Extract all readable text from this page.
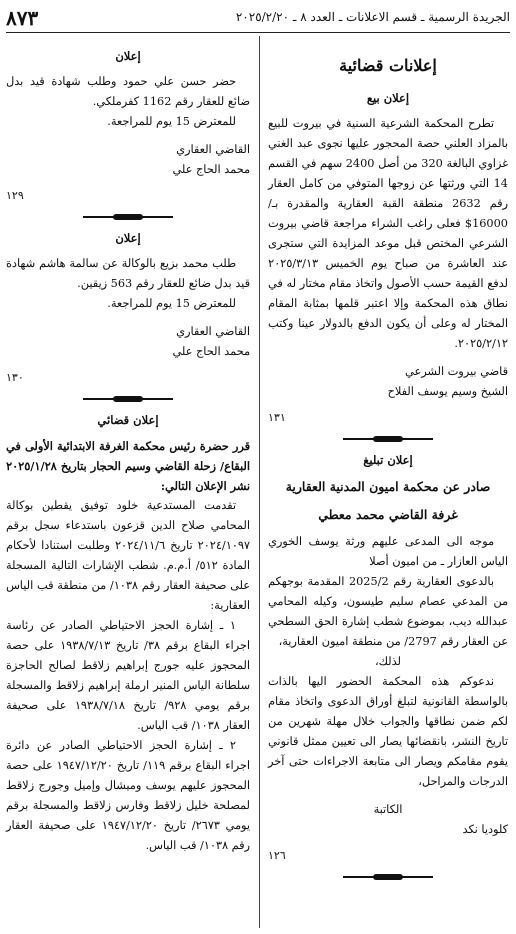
٨٧٣	الجريدة الرسمية ـ قسم الاعلانات ـ العدد ٨ ـ ٢٠٢٥/٢/٢٠
إعلانات قضائية
إعلان بيع

تطرح المحكمة الشرعية السنية في بيروت للبيع بالمزاد العلني حصة المحجور عليها نجوى عبد الغني غزاوي البالغة 320 من أصل 2400 سهم في القسم 14 التي ورثتها عن زوجها المتوفي من كامل العقار رقم 2632 منطقة القبة العقارية والمقدرة بـ/ 16000$ فعلى راغب الشراء مراجعة قاضي بيروت الشرعي المختص قبل موعد المزايدة التي ستجرى عند العاشرة من صباح يوم الخميس ٢٠٢٥/٣/١٣ لدفع القيمة حسب الأصول واتخاذ مقام مختار له في نطاق هذه المحكمة وإلا اعتبر قلمها بمثابة المقام المختار له وعلى أن يكون الدفع بالدولار عينا وكتب ٢٠٢٥/٢/١٢.

قاضي بيروت الشرعي

الشيخ وسيم يوسف الفلاح

١٣١

إعلان تبليغ
صادر عن محكمة اميون المدنية العقارية
غرفة القاضي محمد معطي

موجه الى المدعى عليهم ورثة يوسف الخوري الياس العازار ـ من اميون أصلا

بالدعوى العقارية رقم 2025/2 المقدمة بوجهكم من المدعي عصام سليم طيسون، وكيله المحامي عبدالله ديب، بموضوع شطب إشارة الحق السطحي عن العقار رقم 2797/ من منطقة اميون العقارية،

لذلك،

ندعوكم هذه المحكمة الحضور اليها بالذات بالواسطة القانونية لتبلغ أوراق الدعوى واتخاذ مقام لكم ضمن نطاقها والجواب خلال مهلة شهرين من تاريخ النشر، بانقضائها يصار الى تعيين ممثل قانوني يقوم مقامكم ويصار الى متابعة الاجراءات حتى آخر الدرجات والمراحل،

الكاتبة

كلوديا نكد

١٢٦

إعلان

حضر حسن علي حمود وطلب شهادة قيد بدل ضائع للعقار رقم 1162 كفرملكي.

للمعترض 15 يوم للمراجعة.

القاضي العقاري

محمد الحاج علي

١٢٩

إعلان

طلب محمد بزيع بالوكالة عن سالمة هاشم شهادة قيد بدل ضائع للعقار رقم 563 زيقين.

للمعترض 15 يوم للمراجعة.

القاضي العقاري

محمد الحاج علي

١٣٠

إعلان قضائي

قرر حضرة رئيس محكمة الغرفة الابتدائية الأولى في البقاع/ زحلة القاضي وسيم الحجار بتاريخ ٢٠٢٥/١/٢٨ نشر الإعلان التالي:

تقدمت المستدعية خلود توفيق يقطين بوكالة المحامي صلاح الدين قزعون باستدعاء سجل برقم ٢٠٢٤/١٠٩٧ تاريخ ٢٠٢٤/١١/٦ وطلبت استنادا لأحكام المادة ٥١٢/ أ.م.م. شطب الإشارات التالية المسجلة على صحيفة العقار رقم ١٠٣٨/ من منطقة قب الياس العقارية:

١ ـ إشارة الحجز الاحتياطي الصادر عن رئاسة اجراء البقاع برقم ٣٨/ تاريخ ١٩٣٨/٧/١٣ على حصة المحجوز عليه جورج إبراهيم زلاقط لصالح الحاجزة سلطانة الياس المنير ارملة إبراهيم زلاقط والمسجلة برقم يومي ٩٢٨/ تاريخ ١٩٣٨/٧/١٨ على صحيفة العقار ١٠٣٨/ قب الياس.

٢ ـ إشارة الحجز الاحتياطي الصادر عن دائرة اجراء البقاع برقم ١١٩/ تاريخ ١٩٤٧/١٢/٢٠ على حصة المحجوز عليهم يوسف وميشال وإميل وجورج زلاقط لمصلحة خليل زلاقط وفارس زلاقط والمسجلة برقم يومي ٢٦٧٣/ تاريخ ١٩٤٧/١٢/٢٠ على صحيفة العقار رقم ١٠٣٨/ قب الياس.
